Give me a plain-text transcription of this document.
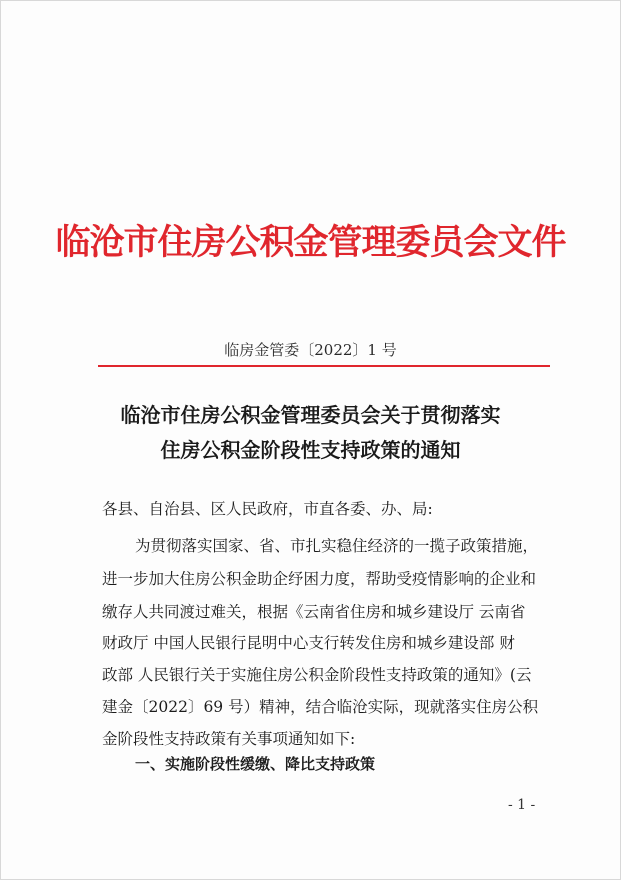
临沧市住房公积金管理委员会文件
临房金管委〔2022〕1 号
临沧市住房公积金管理委员会关于贯彻落实
住房公积金阶段性支持政策的通知
各县、自治县、区人民政府，市直各委、办、局:
为贯彻落实国家、省、市扎实稳住经济的一揽子政策措施，
进一步加大住房公积金助企纾困力度，帮助受疫情影响的企业和
缴存人共同渡过难关，根据《云南省住房和城乡建设厅 云南省
财政厅 中国人民银行昆明中心支行转发住房和城乡建设部 财
政部 人民银行关于实施住房公积金阶段性支持政策的通知》(云
建金〔2022〕69 号）精神，结合临沧实际，现就落实住房公积
金阶段性支持政策有关事项通知如下:
一、实施阶段性缓缴、降比支持政策
- 1 -
